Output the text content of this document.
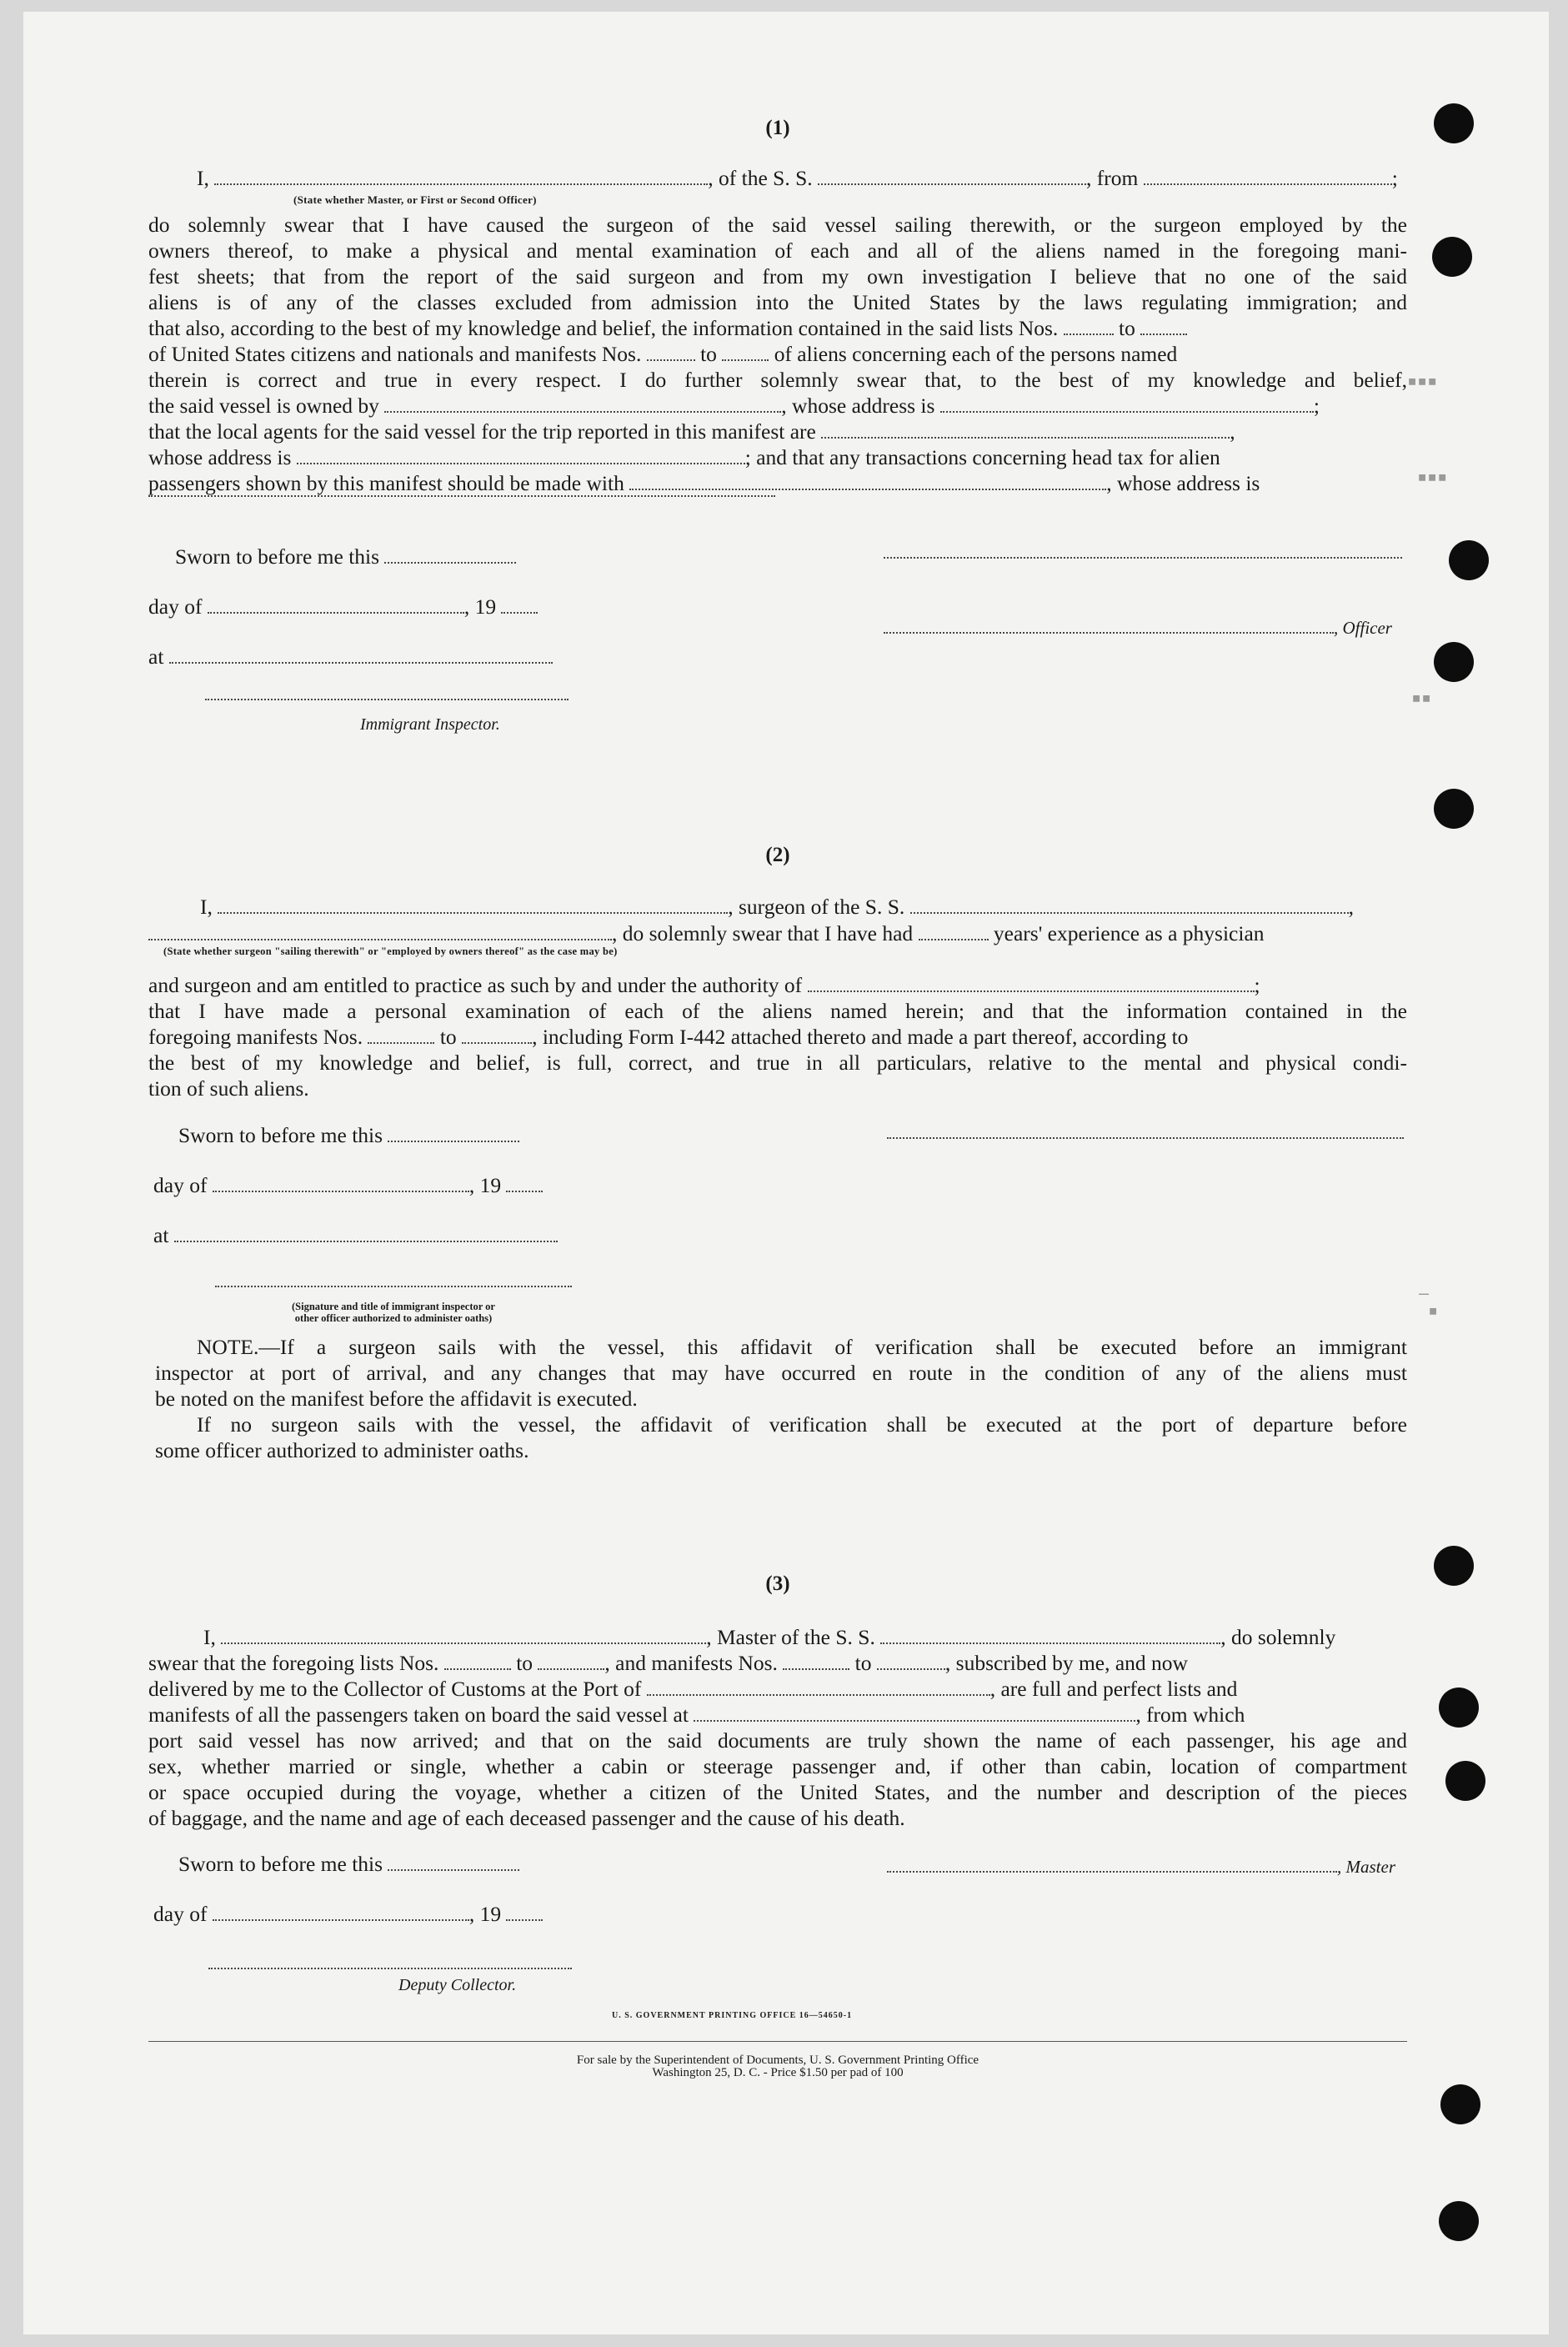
▪▪▪
▪▪▪
▪▪
▪
—
(1)
I,	, of the S. S.	, from	;
(State whether Master, or First or Second Officer)
do solemnly swear that I have caused the surgeon of the said vessel sailing therewith, or the surgeon employed by the
owners thereof, to make a physical and mental examination of each and all of the aliens named in the foregoing mani-
fest sheets; that from the report of the said surgeon and from my own investigation I believe that no one of the said
aliens is of any of the classes excluded from admission into the United States by the laws regulating immigration; and
that also, according to the best of my knowledge and belief, the information contained in the said lists Nos.	to
of United States citizens and nationals and manifests Nos.	to	of aliens concerning each of the persons named
therein is correct and true in every respect. I do further solemnly swear that, to the best of my knowledge and belief,
the said vessel is owned by	, whose address is	;
that the local agents for the said vessel for the trip reported in this manifest are	,
whose address is	; and that any transactions concerning head tax for alien
passengers shown by this manifest should be made with	, whose address is
Sworn to before me this
day of	, 19
, Officer
at
Immigrant Inspector.
(2)
I,	, surgeon of the S. S.	,
, do solemnly swear that I have had	years' experience as a physician
(State whether surgeon "sailing therewith" or "employed by owners thereof" as the case may be)
and surgeon and am entitled to practice as such by and under the authority of	;
that I have made a personal examination of each of the aliens named herein; and that the information contained in the
foregoing manifests Nos.	to	, including Form I-442 attached thereto and made a part thereof, according to
the best of my knowledge and belief, is full, correct, and true in all particulars, relative to the mental and physical condi-
tion of such aliens.
Sworn to before me this
day of	, 19
at
(Signature and title of immigrant inspector or
other officer authorized to administer oaths)
NOTE.—If a surgeon sails with the vessel, this affidavit of verification shall be executed before an immigrant
inspector at port of arrival, and any changes that may have occurred en route in the condition of any of the aliens must
be noted on the manifest before the affidavit is executed.
If no surgeon sails with the vessel, the affidavit of verification shall be executed at the port of departure before
some officer authorized to administer oaths.
(3)
I,	, Master of the S. S.	, do solemnly
swear that the foregoing lists Nos.	to	, and manifests Nos.	to	, subscribed by me, and now
delivered by me to the Collector of Customs at the Port of	, are full and perfect lists and
manifests of all the passengers taken on board the said vessel at	, from which
port said vessel has now arrived; and that on the said documents are truly shown the name of each passenger, his age and
sex, whether married or single, whether a cabin or steerage passenger and, if other than cabin, location of compartment
or space occupied during the voyage, whether a citizen of the United States, and the number and description of the pieces
of baggage, and the name and age of each deceased passenger and the cause of his death.
Sworn to before me this	, Master
day of	, 19
Deputy Collector.
U. S. GOVERNMENT PRINTING OFFICE 16—54650-1
For sale by the Superintendent of Documents, U. S. Government Printing Office
Washington 25, D. C. - Price $1.50 per pad of 100
